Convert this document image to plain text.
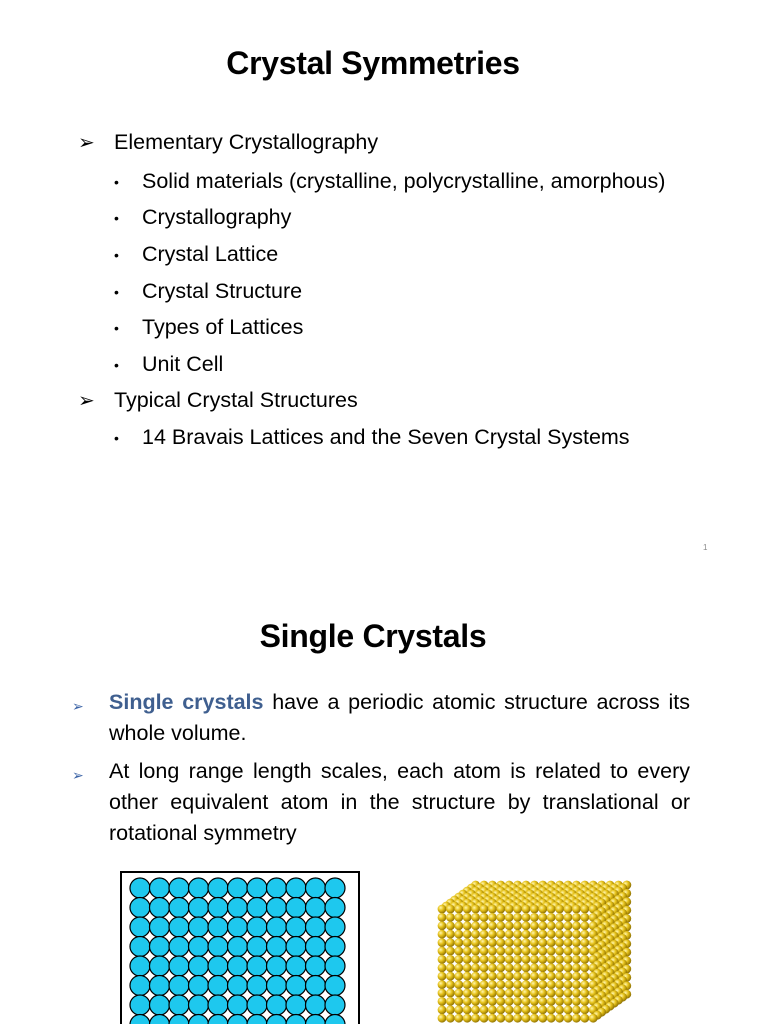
Crystal Symmetries
➢ Elementary Crystallography
•	Solid materials (crystalline, polycrystalline, amorphous)
•	Crystallography
•	Crystal Lattice
•	Crystal Structure
•	Types of Lattices
•	Unit Cell
➢ Typical Crystal Structures
•	14 Bravais Lattices and the Seven Crystal Systems
1
Single Crystals
➢ Single crystals have a periodic atomic structure across its whole volume.
➢ At long range length scales, each atom is related to every other equivalent atom in the structure by translational or rotational symmetry
